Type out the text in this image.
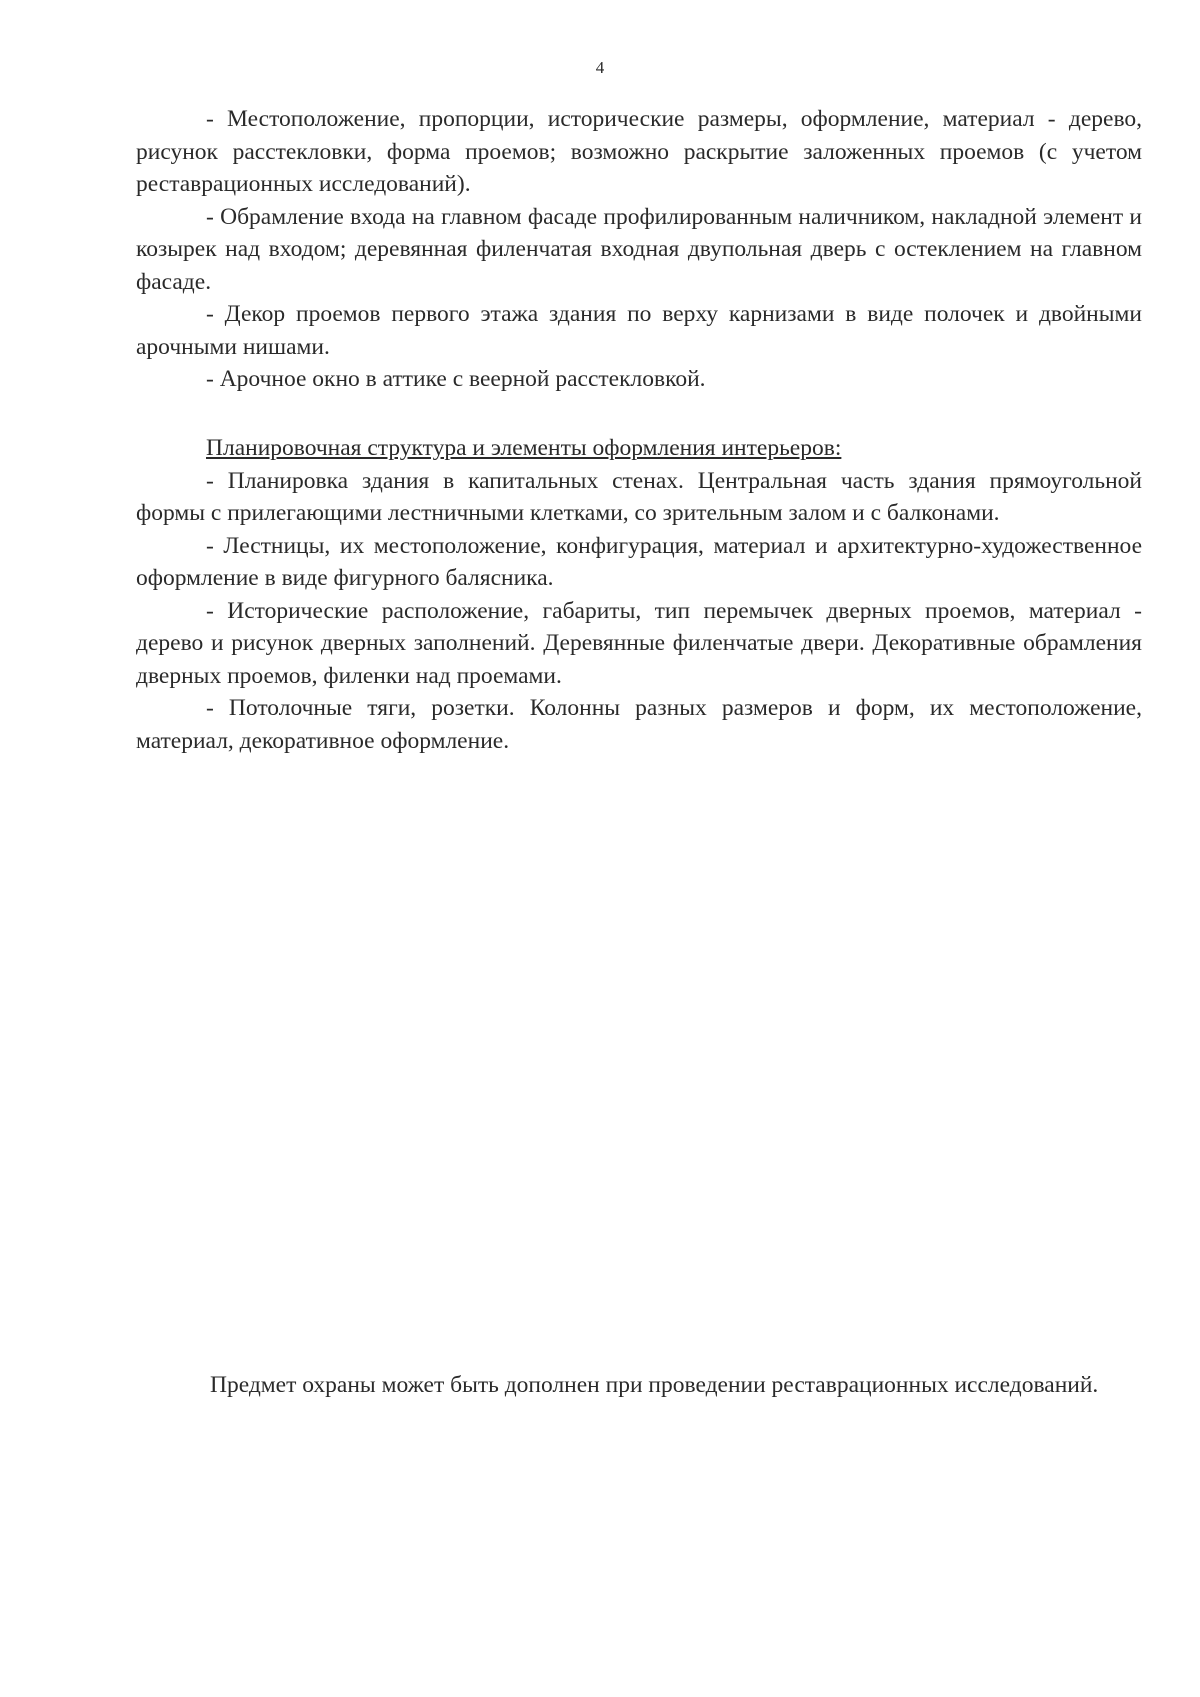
4

- Местоположение, пропорции, исторические размеры, оформление, материал - дерево, рисунок расстекловки, форма проемов; возможно раскрытие заложенных проемов (с учетом реставрационных исследований).

- Обрамление входа на главном фасаде профилированным наличником, накладной элемент и козырек над входом; деревянная филенчатая входная двупольная дверь с остеклением на главном фасаде.

- Декор проемов первого этажа здания по верху карнизами в виде полочек и двойными арочными нишами.

- Арочное окно в аттике с веерной расстекловкой.

Планировочная структура и элементы оформления интерьеров:

- Планировка здания в капитальных стенах. Центральная часть здания прямоугольной формы с прилегающими лестничными клетками, со зрительным залом и с балконами.

- Лестницы, их местоположение, конфигурация, материал и архитектурно-художественное оформление в виде фигурного балясника.

- Исторические расположение, габариты, тип перемычек дверных проемов, материал - дерево и рисунок дверных заполнений. Деревянные филенчатые двери. Декоративные обрамления дверных проемов, филенки над проемами.

- Потолочные тяги, розетки. Колонны разных размеров и форм, их местоположение, материал, декоративное оформление.

Предмет охраны может быть дополнен при проведении реставрационных исследований.
